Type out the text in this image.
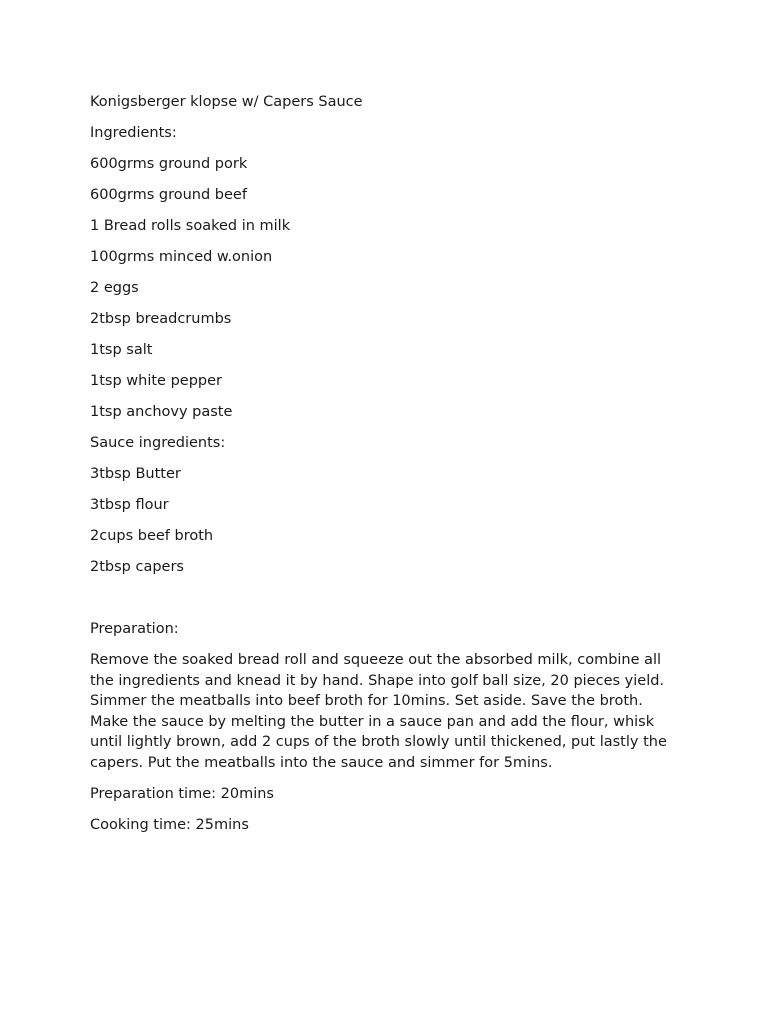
Konigsberger klopse w/ Capers Sauce

Ingredients:

600grms ground pork

600grms ground beef

1 Bread rolls soaked in milk

100grms minced w.onion

2 eggs

2tbsp breadcrumbs

1tsp salt

1tsp white pepper

1tsp anchovy paste

Sauce ingredients:

3tbsp Butter

3tbsp flour

2cups beef broth

2tbsp capers

Preparation:

Remove the soaked bread roll and squeeze out the absorbed milk, combine all the ingredients and knead it by hand. Shape into golf ball size, 20 pieces yield. Simmer the meatballs into beef broth for 10mins. Set aside. Save the broth. Make the sauce by melting the butter in a sauce pan and add the flour, whisk until lightly brown, add 2 cups of the broth slowly until thickened, put lastly the capers. Put the meatballs into the sauce and simmer for 5mins.

Preparation time: 20mins

Cooking time: 25mins
